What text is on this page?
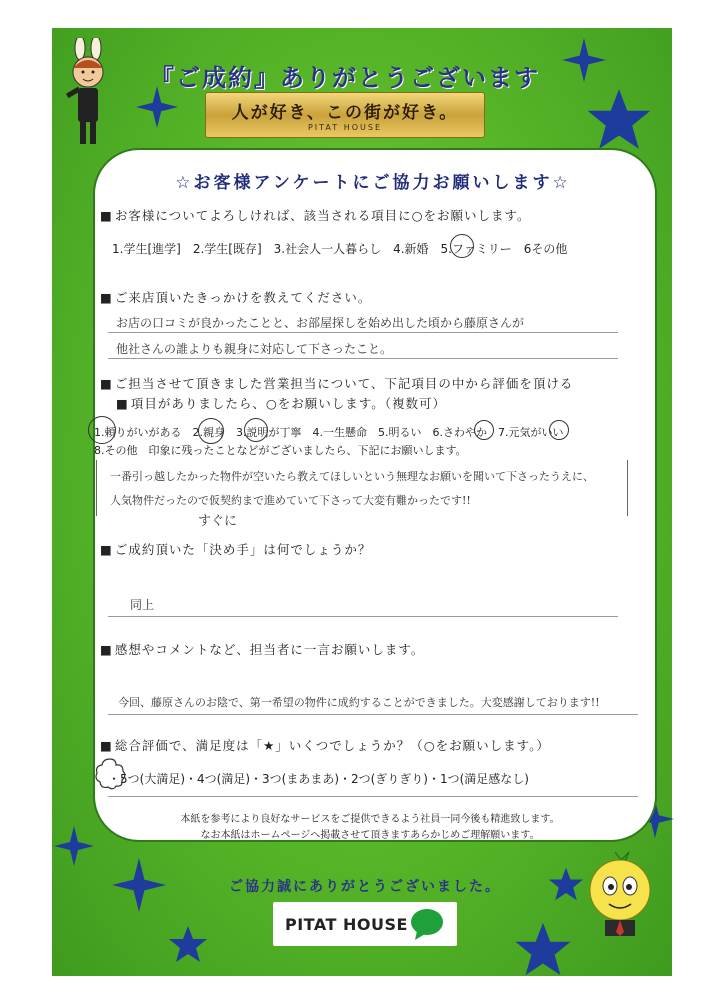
『ご成約』ありがとうございます
人が好き、この街が好き。
PITAT HOUSE
☆お客様アンケートにご協力お願いします☆
■ お客様についてよろしければ、該当される項目に○をお願いします。
1.学生[進学]　2.学生[既存]　3.社会人一人暮らし　4.新婚　5.ファミリー　6その他
■ ご来店頂いたきっかけを教えてください。
お店の口コミが良かったことと、お部屋探しを始め出した頃から藤原さんが
他社さんの誰よりも親身に対応して下さったこと。
■ ご担当させて頂きました営業担当について、下記項目の中から評価を頂ける
■ 項目がありましたら、○をお願いします。（複数可）
1.頼りがいがある　2.親身　3.説明が丁寧　4.一生懸命　5.明るい　6.さわやか　7.元気がいい
8.その他　印象に残ったことなどがございましたら、下記にお願いします。
一番引っ越したかった物件が空いたら教えてほしいという無理なお願いを聞いて下さったうえに、
人気物件だったので仮契約まで進めていて下さって大変有難かったです!!
すぐに
■ ご成約頂いた「決め手」は何でしょうか？
同上
■ 感想やコメントなど、担当者に一言お願いします。
今回、藤原さんのお陰で、第一希望の物件に成約することができました。大変感謝しております!!
■ 総合評価で、満足度は「★」いくつでしょうか？（○をお願いします。）
・5つ(大満足)・4つ(満足)・3つ(まあまあ)・2つ(ぎりぎり)・1つ(満足感なし)
本紙を参考により良好なサービスをご提供できるよう社員一同今後も精進致します。
なお本紙はホームページへ掲載させて頂きますあらかじめご理解願います。
ご協力誠にありがとうございました。
PITAT HOUSE
